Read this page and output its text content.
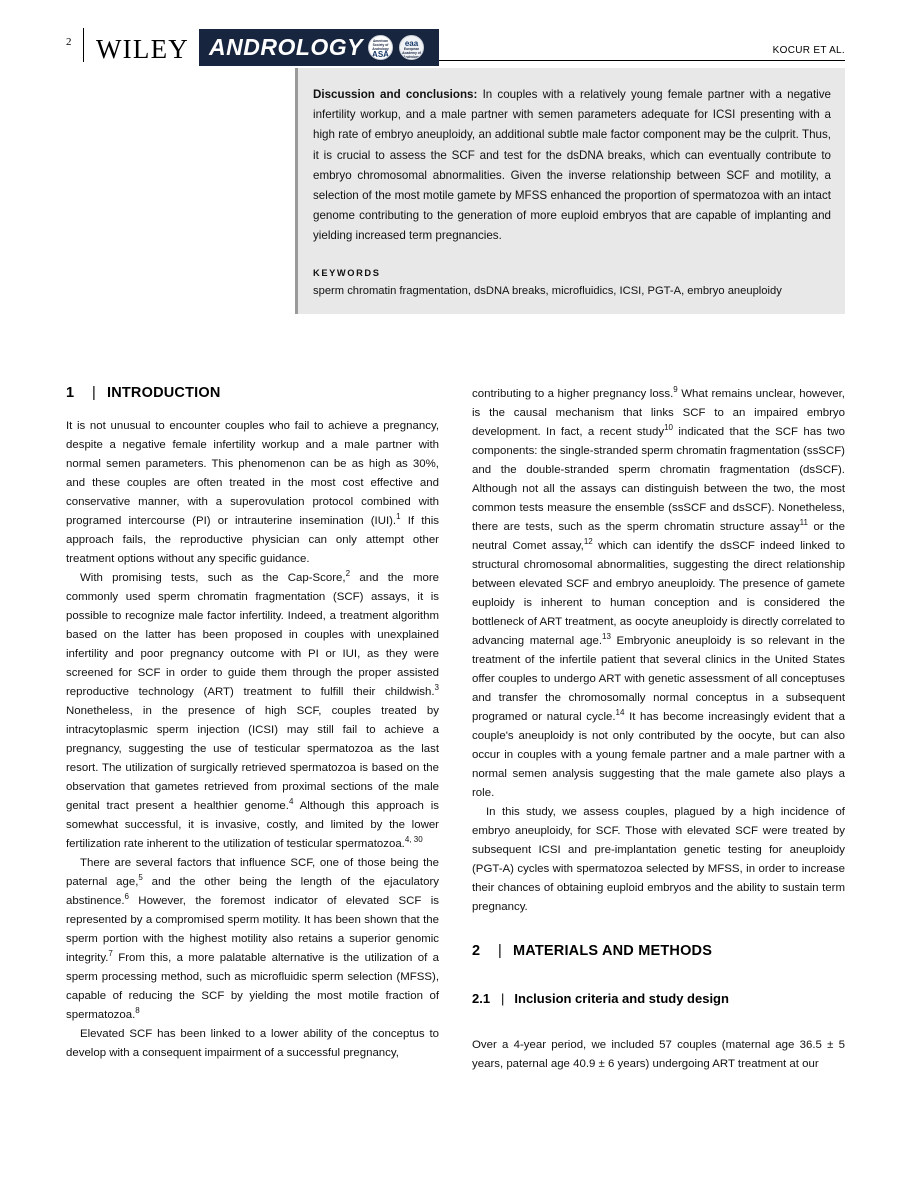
2 WILEY ANDROLOGY	American Society of Andrology
ASA
eaa
European Academy of Andrology
KOCUR ET AL.

Discussion and conclusions: In couples with a relatively young female partner with a negative infertility workup, and a male partner with semen parameters adequate for ICSI presenting with a high rate of embryo aneuploidy, an additional subtle male factor component may be the culprit. Thus, it is crucial to assess the SCF and test for the dsDNA breaks, which can eventually contribute to embryo chromosomal abnormalities. Given the inverse relationship between SCF and motility, a selection of the most motile gamete by MFSS enhanced the proportion of spermatozoa with an intact genome contributing to the generation of more euploid embryos that are capable of implanting and yielding increased term pregnancies.

KEYWORDS
sperm chromatin fragmentation, dsDNA breaks, microfluidics, ICSI, PGT-A, embryo aneuploidy
1 | INTRODUCTION

It is not unusual to encounter couples who fail to achieve a pregnancy, despite a negative female infertility workup and a male partner with normal semen parameters. This phenomenon can be as high as 30%, and these couples are often treated in the most cost effective and conservative manner, with a superovulation protocol combined with programed intercourse (PI) or intrauterine insemination (IUI).$^1$ If this approach fails, the reproductive physician can only attempt other treatment options without any specific guidance.

With promising tests, such as the Cap-Score,$^2$ and the more commonly used sperm chromatin fragmentation (SCF) assays, it is possible to recognize male factor infertility. Indeed, a treatment algorithm based on the latter has been proposed in couples with unexplained infertility and poor pregnancy outcome with PI or IUI, as they were screened for SCF in order to guide them through the proper assisted reproductive technology (ART) treatment to fulfill their childwish.$^3$ Nonetheless, in the presence of high SCF, couples treated by intracytoplasmic sperm injection (ICSI) may still fail to achieve a pregnancy, suggesting the use of testicular spermatozoa as the last resort. The utilization of surgically retrieved spermatozoa is based on the observation that gametes retrieved from proximal sections of the male genital tract present a healthier genome.$^4$ Although this approach is somewhat successful, it is invasive, costly, and limited by the lower fertilization rate inherent to the utilization of testicular spermatozoa.$^{4, 30}$

There are several factors that influence SCF, one of those being the paternal age,$^5$ and the other being the length of the ejaculatory abstinence.$^6$ However, the foremost indicator of elevated SCF is represented by a compromised sperm motility. It has been shown that the sperm portion with the highest motility also retains a superior genomic integrity.$^7$ From this, a more palatable alternative is the utilization of a sperm processing method, such as microfluidic sperm selection (MFSS), capable of reducing the SCF by yielding the most motile fraction of spermatozoa.$^8$

Elevated SCF has been linked to a lower ability of the conceptus to develop with a consequent impairment of a successful pregnancy,

contributing to a higher pregnancy loss.$^9$ What remains unclear, however, is the causal mechanism that links SCF to an impaired embryo development. In fact, a recent study$^{10}$ indicated that the SCF has two components: the single-stranded sperm chromatin fragmentation (ssSCF) and the double-stranded sperm chromatin fragmentation (dsSCF). Although not all the assays can distinguish between the two, the most common tests measure the ensemble (ssSCF and dsSCF). Nonetheless, there are tests, such as the sperm chromatin structure assay$^{11}$ or the neutral Comet assay,$^{12}$ which can identify the dsSCF indeed linked to structural chromosomal abnormalities, suggesting the direct relationship between elevated SCF and embryo aneuploidy. The presence of gamete euploidy is inherent to human conception and is considered the bottleneck of ART treatment, as oocyte aneuploidy is directly correlated to advancing maternal age.$^{13}$ Embryonic aneuploidy is so relevant in the treatment of the infertile patient that several clinics in the United States offer couples to undergo ART with genetic assessment of all conceptuses and transfer the chromosomally normal conceptus in a subsequent programed or natural cycle.$^{14}$ It has become increasingly evident that a couple's aneuploidy is not only contributed by the oocyte, but can also occur in couples with a young female partner and a male partner with a normal semen analysis suggesting that the male gamete also plays a role.

In this study, we assess couples, plagued by a high incidence of embryo aneuploidy, for SCF. Those with elevated SCF were treated by subsequent ICSI and pre-implantation genetic testing for aneuploidy (PGT-A) cycles with spermatozoa selected by MFSS, in order to increase their chances of obtaining euploid embryos and the ability to sustain term pregnancy.

2 | MATERIALS AND METHODS
2.1 | Inclusion criteria and study design

Over a 4-year period, we included 57 couples (maternal age 36.5 ± 5 years, paternal age 40.9 ± 6 years) undergoing ART treatment at our
